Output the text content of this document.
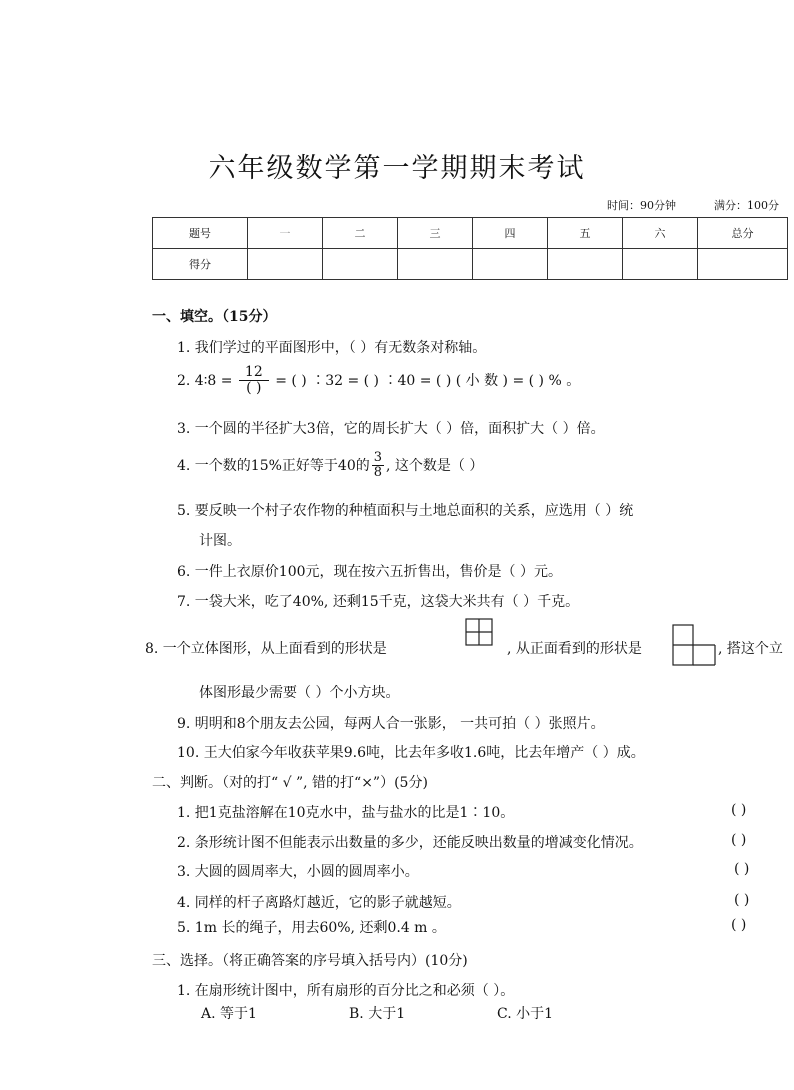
六年级数学第一学期期末考试
时间：90分钟	满分：100分
题号	一	二	三	四	五	六	总分
得分							
一、填空。（15分）
1. 我们学过的平面图形中，（ ）有无数条对称轴。
2. 4∶8 = $\frac{12}{( )}$ = ( ) ∶32 = ( ) ∶40 = ( ) ( 小 数 ) = ( ) % 。
3. 一个圆的半径扩大3倍，它的周长扩大（ ）倍，面积扩大（ ）倍。
4. 一个数的15%正好等于40的 $\frac{3}{8}$ , 这个数是（ ）
5. 要反映一个村子农作物的种植面积与土地总面积的关系，应选用（ ）统
计图。
6. 一件上衣原价100元，现在按六五折售出，售价是（ ）元。
7. 一袋大米，吃了40%, 还剩15千克，这袋大米共有（ ）千克。
8. 一个立体图形，从上面看到的形状是	, 从正面看到的形状是	, 搭这个立
体图形最少需要（ ）个小方块。
9. 明明和8个朋友去公园，每两人合一张影， 一共可拍（ ）张照片。
10. 王大伯家今年收获苹果9.6吨，比去年多收1.6吨，比去年增产（ ）成。
二、判断。（对的打“ √ ”, 错的打“×”）(5分)
1. 把1克盐溶解在10克水中，盐与盐水的比是1∶10。	( )
2. 条形统计图不但能表示出数量的多少，还能反映出数量的增减变化情况。	( )
3. 大圆的圆周率大，小圆的圆周率小。	( )
4. 同样的杆子离路灯越近，它的影子就越短。	( )
5. 1m 长的绳子，用去60%, 还剩0.4 m 。	( )
三、选择。（将正确答案的序号填入括号内）(10分)
1. 在扇形统计图中，所有扇形的百分比之和必须（ ）。
A. 等于1	B. 大于1	C. 小于1
